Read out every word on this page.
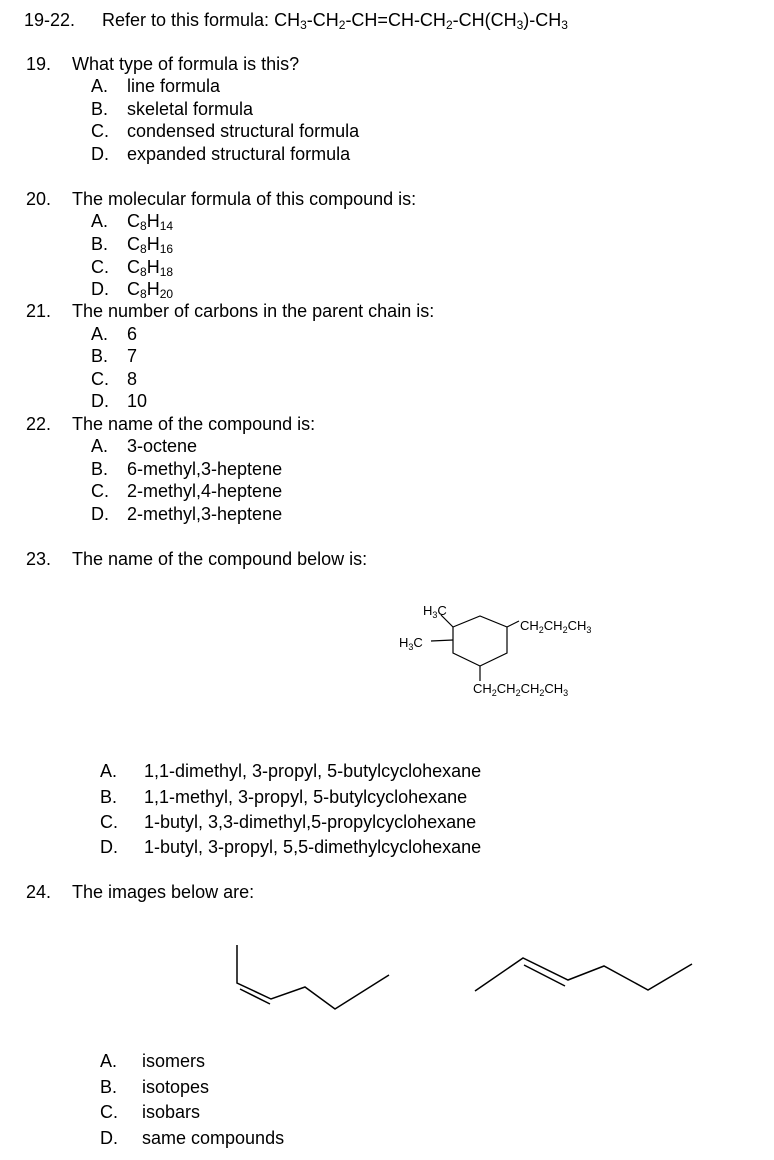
19-22. Refer to this formula: $CH_3-CH_2-CH=CH-CH_2-CH(CH_3)-CH_3$
19. What type of formula is this?
A. line formula
B. skeletal formula
C. condensed structural formula
D. expanded structural formula
20. The molecular formula of this compound is:
A. $C_8H_{14}$
B. $C_8H_{16}$
C. $C_8H_{18}$
D. $C_8H_{20}$
21. The number of carbons in the parent chain is:
A. 6
B. 7
C. 8
D. 10
22. The name of the compound is:
A. 3-octene
B. 6-methyl,3-heptene
C. 2-methyl,4-heptene
D. 2-methyl,3-heptene
23. The name of the compound below is:
$H_3C$
$H_3C$
$CH_2CH_2CH_3$
$CH_2CH_2CH_2CH_3$
A. 1,1-dimethyl, 3-propyl, 5-butylcyclohexane
B. 1,1-methyl, 3-propyl, 5-butylcyclohexane
C. 1-butyl, 3,3-dimethyl,5-propylcyclohexane
D. 1-butyl, 3-propyl, 5,5-dimethylcyclohexane
24. The images below are:
A. isomers
B. isotopes
C. isobars
D. same compounds
